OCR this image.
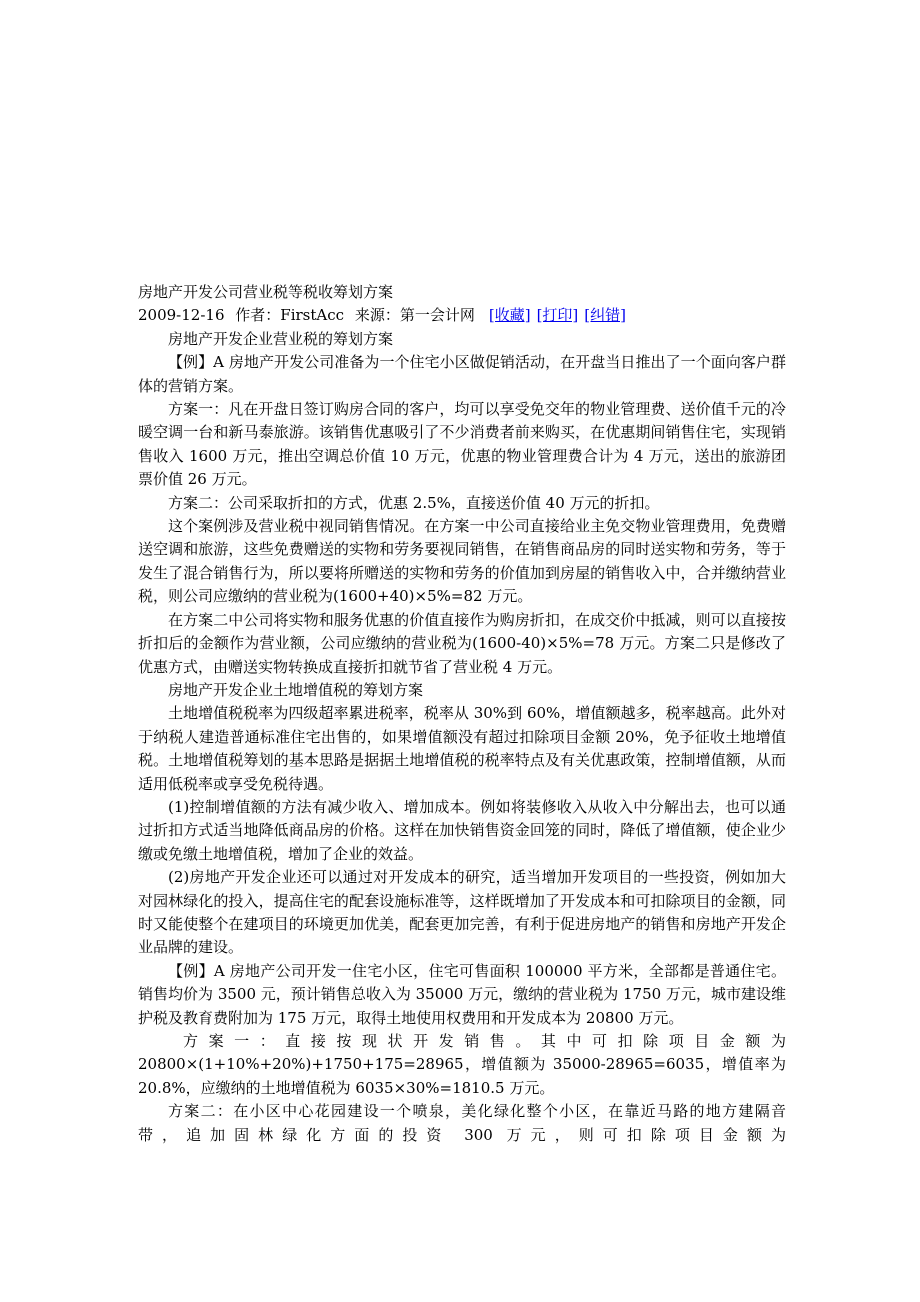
房地产开发公司营业税等税收筹划方案

2009-12-16 作者：FirstAcc 来源：第一会计网 [收藏] [打印] [纠错]

房地产开发企业营业税的筹划方案

【例】A 房地产开发公司准备为一个住宅小区做促销活动，在开盘当日推出了一个面向客户群体的营销方案。

方案一：凡在开盘日签订购房合同的客户，均可以享受免交年的物业管理费、送价值千元的冷暖空调一台和新马泰旅游。该销售优惠吸引了不少消费者前来购买，在优惠期间销售住宅，实现销售收入 1600 万元，推出空调总价值 10 万元，优惠的物业管理费合计为 4 万元，送出的旅游团票价值 26 万元。

方案二：公司采取折扣的方式，优惠 2.5%，直接送价值 40 万元的折扣。

这个案例涉及营业税中视同销售情况。在方案一中公司直接给业主免交物业管理费用，免费赠送空调和旅游，这些免费赠送的实物和劳务要视同销售，在销售商品房的同时送实物和劳务，等于发生了混合销售行为，所以要将所赠送的实物和劳务的价值加到房屋的销售收入中，合并缴纳营业税，则公司应缴纳的营业税为(1600+40)×5%=82 万元。

在方案二中公司将实物和服务优惠的价值直接作为购房折扣，在成交价中抵减，则可以直接按折扣后的金额作为营业额，公司应缴纳的营业税为(1600-40)×5%=78 万元。方案二只是修改了优惠方式，由赠送实物转换成直接折扣就节省了营业税 4 万元。

房地产开发企业土地增值税的筹划方案

土地增值税税率为四级超率累进税率，税率从 30%到 60%，增值额越多，税率越高。此外对于纳税人建造普通标准住宅出售的，如果增值额没有超过扣除项目金额 20%，免予征收土地增值税。土地增值税筹划的基本思路是据据土地增值税的税率特点及有关优惠政策，控制增值额，从而适用低税率或享受免税待遇。

(1)控制增值额的方法有减少收入、增加成本。例如将装修收入从收入中分解出去，也可以通过折扣方式适当地降低商品房的价格。这样在加快销售资金回笼的同时，降低了增值额，使企业少缴或免缴土地增值税，增加了企业的效益。

(2)房地产开发企业还可以通过对开发成本的研究，适当增加开发项目的一些投资，例如加大对园林绿化的投入，提高住宅的配套设施标准等，这样既增加了开发成本和可扣除项目的金额，同时又能使整个在建项目的环境更加优美，配套更加完善，有利于促进房地产的销售和房地产开发企业品牌的建设。

【例】A 房地产公司开发一住宅小区，住宅可售面积 100000 平方米，全部都是普通住宅。销售均价为 3500 元，预计销售总收入为 35000 万元，缴纳的营业税为 1750 万元，城市建设维护税及教育费附加为 175 万元，取得土地使用权费用和开发成本为 20800 万元。

方案一：直接按现状开发销售。其中可扣除项目金额为

20800×(1+10%+20%)+1750+175=28965，增值额为 35000-28965=6035，增值率为 20.8%，应缴纳的土地增值税为 6035×30%=1810.5 万元。

方案二：在小区中心花园建设一个喷泉，美化绿化整个小区，在靠近马路的地方建隔音

带，追加固林绿化方面的投资 300 万元，则可扣除项目金额为
